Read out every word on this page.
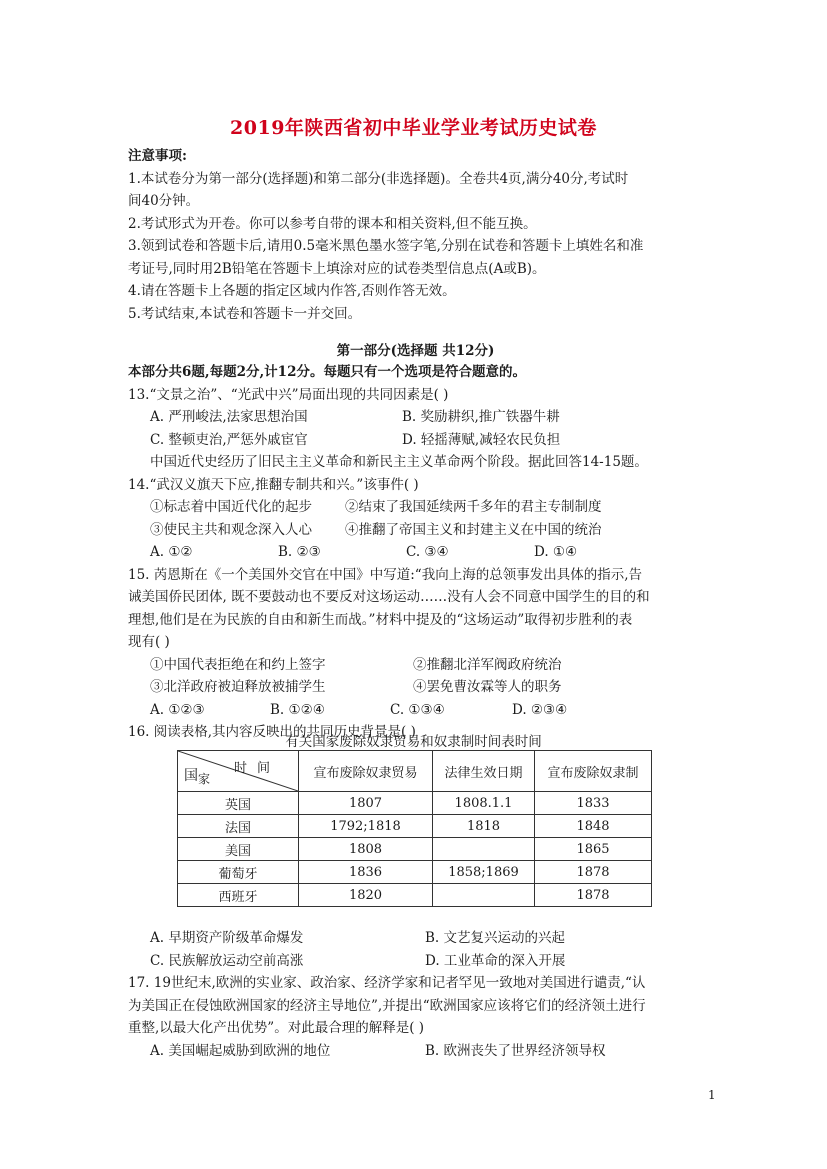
2019年陕西省初中毕业学业考试历史试卷
注意事项:
1.本试卷分为第一部分(选择题)和第二部分(非选择题)。全卷共4页,满分40分,考试时
间40分钟。
2.考试形式为开卷。你可以参考自带的课本和相关资料,但不能互换。
3.领到试卷和答题卡后,请用0.5毫米黑色墨水签字笔,分别在试卷和答题卡上填姓名和准
考证号,同时用2B铅笔在答题卡上填涂对应的试卷类型信息点(A或B)。
4.请在答题卡上各题的指定区域内作答,否则作答无效。
5.考试结束,本试卷和答题卡一并交回。
第一部分(选择题 共12分)
本部分共6题,每题2分,计12分。每题只有一个选项是符合题意的。
13.“文景之治”、“光武中兴”局面出现的共同因素是( )
A. 严刑峻法,法家思想治国	B. 奖励耕织,推广铁器牛耕
C. 整顿吏治,严惩外戚宦官	D. 轻摇薄赋,减轻农民负担
中国近代史经历了旧民主主义革命和新民主主义革命两个阶段。据此回答14-15题。
14.“武汉义旗天下应,推翻专制共和兴。”该事件( )
①标志着中国近代化的起步	②结束了我国延续两千多年的君主专制制度
③使民主共和观念深入人心	④推翻了帝国主义和封建主义在中国的统治
A. ①②	B. ②③	C. ③④	D. ①④
15. 芮恩斯在《一个美国外交官在中国》中写道:“我向上海的总领事发出具体的指示,告
诫美国侨民团体, 既不要鼓动也不要反对这场运动……没有人会不同意中国学生的目的和
理想,他们是在为民族的自由和新生而战。”材料中提及的“这场运动”取得初步胜利的表
现有( )
①中国代表拒绝在和约上签字	②推翻北洋军阀政府统治
③北洋政府被迫释放被捕学生	④罢免曹汝霖等人的职务
A. ①②③	B. ①②④	C. ①③④	D. ②③④
16. 阅读表格,其内容反映出的共同历史背景是( )
有关国家废除奴隶贸易和奴隶制时间表时间
时间
国$_家$	宣布废除奴隶贸易	法律生效日期	宣布废除奴隶制
英国	1807	1808.1.1	1833
法国	1792;1818	1818	1848
美国	1808		1865
葡萄牙	1836	1858;1869	1878
西班牙	1820		1878
A. 早期资产阶级革命爆发	B. 文艺复兴运动的兴起
C. 民族解放运动空前高涨	D. 工业革命的深入开展
17. 19世纪末,欧洲的实业家、政治家、经济学家和记者罕见一致地对美国进行谴责,“认
为美国正在侵蚀欧洲国家的经济主导地位”,并提出“欧洲国家应该将它们的经济领土进行
重整,以最大化产出优势”。对此最合理的解释是( )
A. 美国崛起威胁到欧洲的地位	B. 欧洲丧失了世界经济领导权
1
